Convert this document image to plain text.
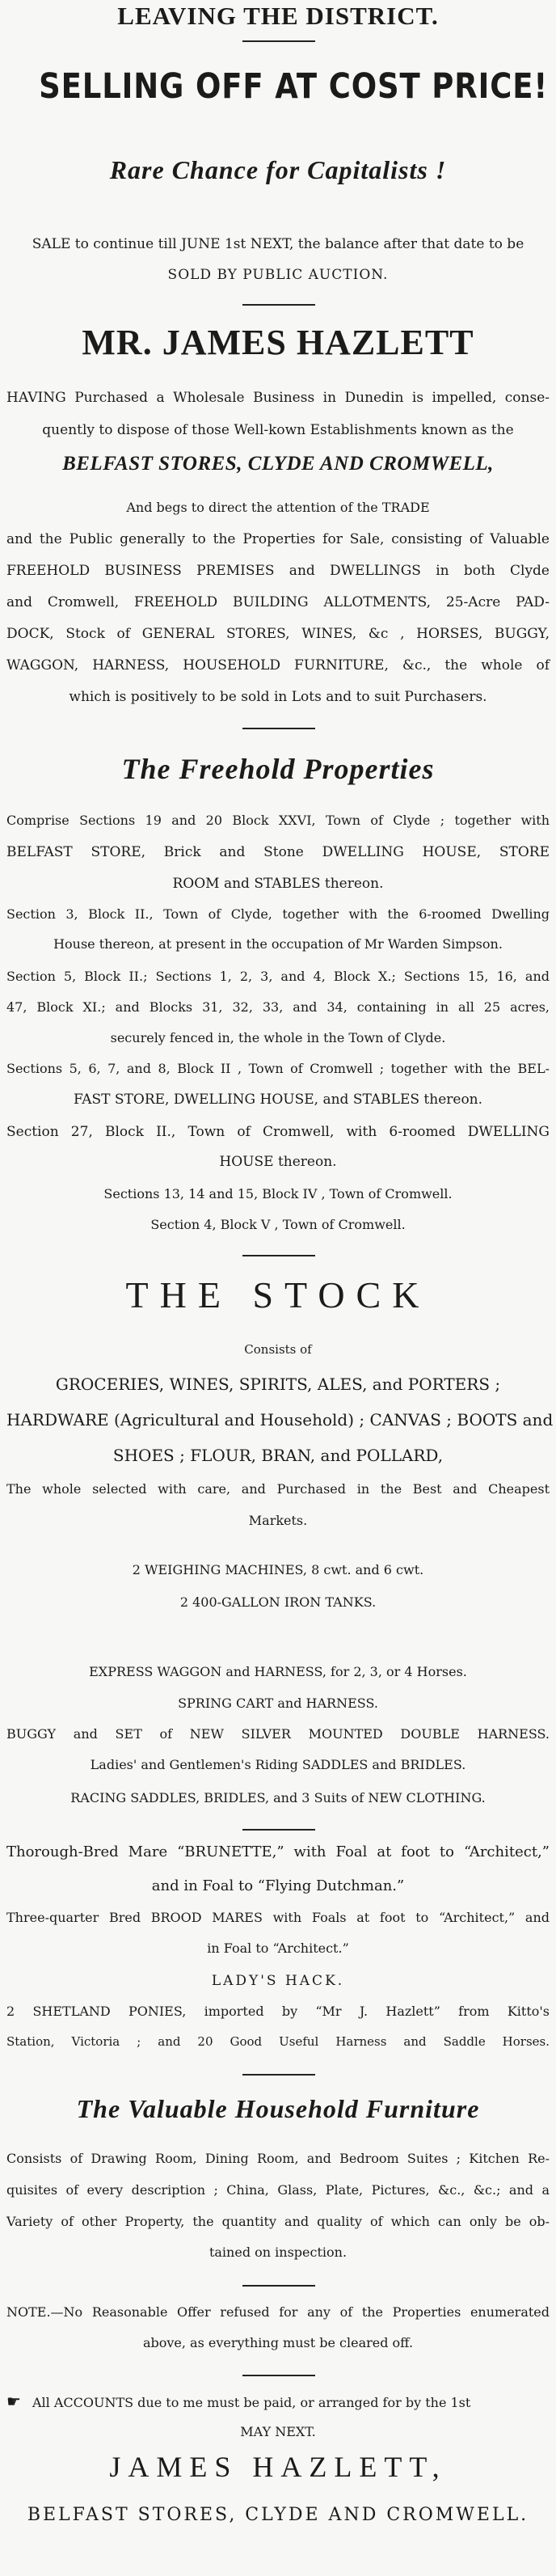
LEAVING THE DISTRICT.
SELLING OFF AT COST PRICE!
Rare Chance for Capitalists !
SALE to continue till JUNE 1st NEXT, the balance after that date to be
SOLD BY PUBLIC AUCTION.
MR. JAMES HAZLETT
HAVING Purchased a Wholesale Business in Dunedin is impelled, conse-
quently to dispose of those Well-kown Establishments known as the
BELFAST STORES, CLYDE AND CROMWELL,
And begs to direct the attention of the TRADE
and the Public generally to the Properties for Sale, consisting of Valuable
FREEHOLD BUSINESS PREMISES and DWELLINGS in both Clyde
and Cromwell, FREEHOLD BUILDING ALLOTMENTS, 25-Acre PAD-
DOCK, Stock of GENERAL STORES, WINES, &c , HORSES, BUGGY,
WAGGON, HARNESS, HOUSEHOLD FURNITURE, &c., the whole of
which is positively to be sold in Lots and to suit Purchasers.
The Freehold Properties
Comprise Sections 19 and 20 Block XXVI, Town of Clyde ; together with
BELFAST STORE, Brick and Stone DWELLING HOUSE, STORE
ROOM and STABLES thereon.
Section 3, Block II., Town of Clyde, together with the 6-roomed Dwelling
House thereon, at present in the occupation of Mr Warden Simpson.
Section 5, Block II.; Sections 1, 2, 3, and 4, Block X.; Sections 15, 16, and
47, Block XI.; and Blocks 31, 32, 33, and 34, containing in all 25 acres,
securely fenced in, the whole in the Town of Clyde.
Sections 5, 6, 7, and 8, Block II , Town of Cromwell ; together with the BEL-
FAST STORE, DWELLING HOUSE, and STABLES thereon.
Section 27, Block II., Town of Cromwell, with 6-roomed DWELLING
HOUSE thereon.
Sections 13, 14 and 15, Block IV , Town of Cromwell.
Section 4, Block V , Town of Cromwell.
THE STOCK
Consists of
GROCERIES, WINES, SPIRITS, ALES, and PORTERS ;
HARDWARE (Agricultural and Household) ; CANVAS ; BOOTS and
SHOES ; FLOUR, BRAN, and POLLARD,
The whole selected with care, and Purchased in the Best and Cheapest
Markets.
2 WEIGHING MACHINES, 8 cwt. and 6 cwt.
2 400-GALLON IRON TANKS.
EXPRESS WAGGON and HARNESS, for 2, 3, or 4 Horses.
SPRING CART and HARNESS.
BUGGY and SET of NEW SILVER MOUNTED DOUBLE HARNESS.
Ladies' and Gentlemen's Riding SADDLES and BRIDLES.
RACING SADDLES, BRIDLES, and 3 Suits of NEW CLOTHING.
Thorough-Bred Mare “BRUNETTE,” with Foal at foot to “Architect,”
and in Foal to “Flying Dutchman.”
Three-quarter Bred BROOD MARES with Foals at foot to “Architect,” and
in Foal to “Architect.”
LADY'S HACK.
2 SHETLAND PONIES, imported by “Mr J. Hazlett” from Kitto's
Station, Victoria ; and 20 Good Useful Harness and Saddle Horses.
The Valuable Household Furniture
Consists of Drawing Room, Dining Room, and Bedroom Suites ; Kitchen Re-
quisites of every description ; China, Glass, Plate, Pictures, &c., &c.; and a
Variety of other Property, the quantity and quality of which can only be ob-
tained on inspection.
NOTE.—No Reasonable Offer refused for any of the Properties enumerated
above, as everything must be cleared off.
☛ All ACCOUNTS due to me must be paid, or arranged for by the 1st
MAY NEXT.
JAMES HAZLETT,
BELFAST STORES, CLYDE AND CROMWELL.
